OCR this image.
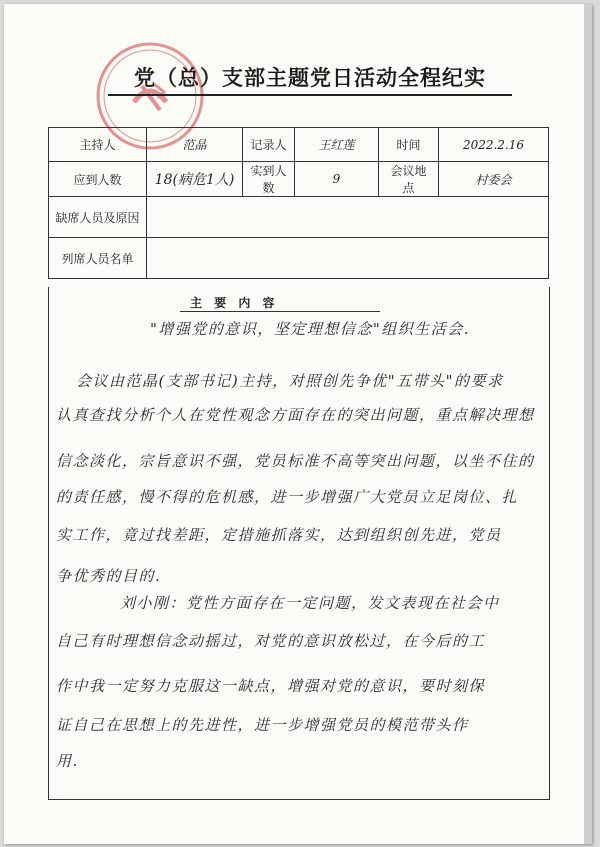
党（总）支部主题党日活动全程纪实
主持人	范晶	记录人	王红莲	时间	2022.2.16
应到人数	18(病危1人)	实到人数	9	会议地点	村委会
缺席人员及原因					
列席人员名单					
主 要 内 容
"增强党的意识，坚定理想信念"组织生活会.
会议由范晶(支部书记)主持，对照创先争优"五带头"的要求
认真查找分析个人在党性观念方面存在的突出问题，重点解决理想
信念淡化，宗旨意识不强，党员标准不高等突出问题，以坐不住的
的责任感，慢不得的危机感，进一步增强广大党员立足岗位、扎
实工作，竟过找差距，定措施抓落实，达到组织创先进，党员
争优秀的目的.
刘小刚：党性方面存在一定问题，发文表现在社会中
自己有时理想信念动摇过，对党的意识放松过，在今后的工
作中我一定努力克服这一缺点，增强对党的意识，要时刻保
证自己在思想上的先进性，进一步增强党员的模范带头作
用.
